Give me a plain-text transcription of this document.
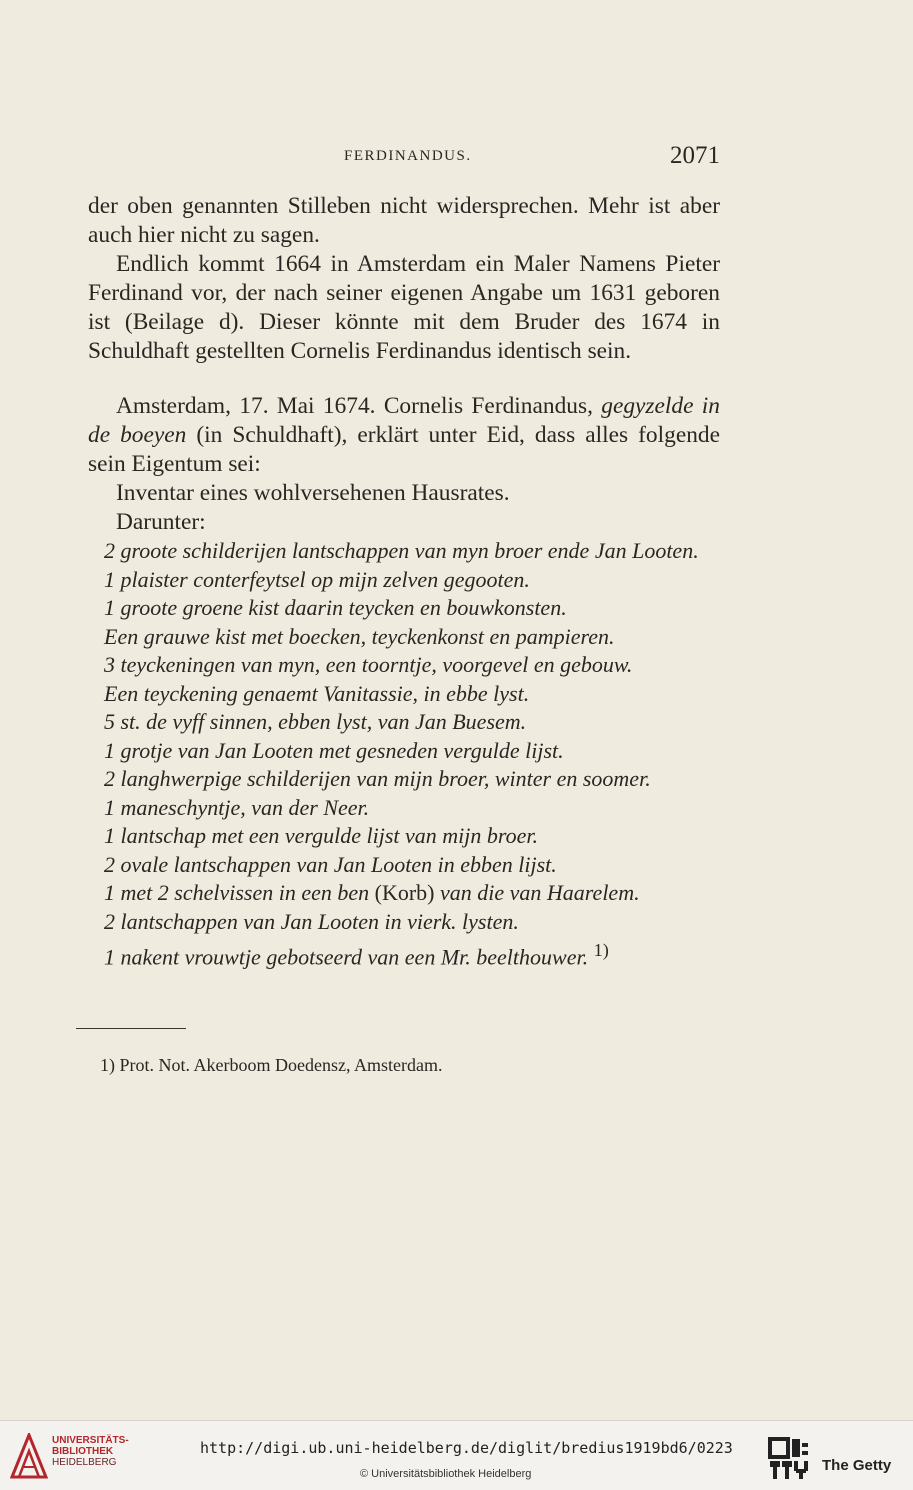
FERDINANDUS.	2071

der oben genannten Stilleben nicht widersprechen. Mehr ist aber auch hier nicht zu sagen.

Endlich kommt 1664 in Amsterdam ein Maler Namens Pieter Ferdinand vor, der nach seiner eigenen Angabe um 1631 geboren ist (Beilage d). Dieser könnte mit dem Bruder des 1674 in Schuldhaft gestellten Cornelis Ferdinandus identisch sein.

Amsterdam, 17. Mai 1674. Cornelis Ferdinandus, gegyzelde in de boeyen (in Schuldhaft), erklärt unter Eid, dass alles folgende sein Eigentum sei:

Inventar eines wohlversehenen Hausrates.

Darunter:

2 groote schilderijen lantschappen van myn broer ende Jan Looten.

1 plaister conterfeytsel op mijn zelven gegooten.

1 groote groene kist daarin teycken en bouwkonsten.

Een grauwe kist met boecken, teyckenkonst en pampieren.

3 teyckeningen van myn, een toorntje, voorgevel en gebouw.

Een teyckening genaemt Vanitassie, in ebbe lyst.

5 st. de vyff sinnen, ebben lyst, van Jan Buesem.

1 grotje van Jan Looten met gesneden vergulde lijst.

2 langhwerpige schilderijen van mijn broer, winter en soomer.

1 maneschyntje, van der Neer.

1 lantschap met een vergulde lijst van mijn broer.

2 ovale lantschappen van Jan Looten in ebben lijst.

1 met 2 schelvissen in een ben (Korb) van die van Haarelem.

2 lantschappen van Jan Looten in vierk. lysten.

1 nakent vrouwtje gebotseerd van een Mr. beelthouwer. $^{1)}$

1) Prot. Not. Akerboom Doedensz, Amsterdam.
UNIVERSITÄTS-
BIBLIOTHEK
HEIDELBERG
http://digi.ub.uni-heidelberg.de/diglit/bredius1919bd6/0223
© Universitätsbibliothek Heidelberg	The Getty
